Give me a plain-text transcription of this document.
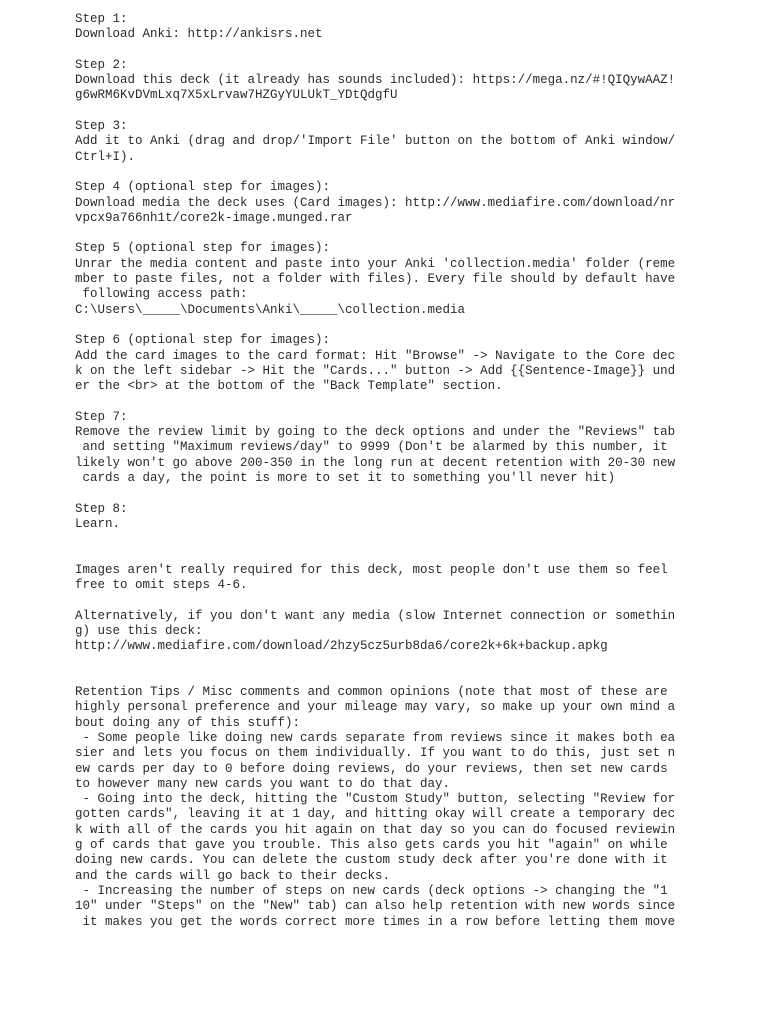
Step 1:
Download Anki: http://ankisrs.net
Step 2:
Download this deck (it already has sounds included): https://mega.nz/#!QIQywAAZ!
g6wRM6KvDVmLxq7X5xLrvaw7HZGyYULUkT_YDtQdgfU
Step 3:
Add it to Anki (drag and drop/'Import File' button on the bottom of Anki window/
Ctrl+I).
Step 4 (optional step for images):
Download media the deck uses (Card images): http://www.mediafire.com/download/nr
vpcx9a766nh1t/core2k-image.munged.rar
Step 5 (optional step for images):
Unrar the media content and paste into your Anki 'collection.media' folder (reme
mber to paste files, not a folder with files). Every file should by default have
following access path:
C:\Users\_____\Documents\Anki\_____\collection.media
Step 6 (optional step for images):
Add the card images to the card format: Hit "Browse" -> Navigate to the Core dec
k on the left sidebar -> Hit the "Cards..." button -> Add {{Sentence-Image}} und
er the <br> at the bottom of the "Back Template" section.
Step 7:
Remove the review limit by going to the deck options and under the "Reviews" tab
and setting "Maximum reviews/day" to 9999 (Don't be alarmed by this number, it
likely won't go above 200-350 in the long run at decent retention with 20-30 new
cards a day, the point is more to set it to something you'll never hit)
Step 8:
Learn.
Images aren't really required for this deck, most people don't use them so feel
free to omit steps 4-6.
Alternatively, if you don't want any media (slow Internet connection or somethin
g) use this deck:
http://www.mediafire.com/download/2hzy5cz5urb8da6/core2k+6k+backup.apkg
Retention Tips / Misc comments and common opinions (note that most of these are
highly personal preference and your mileage may vary, so make up your own mind a
bout doing any of this stuff):
- Some people like doing new cards separate from reviews since it makes both ea
sier and lets you focus on them individually. If you want to do this, just set n
ew cards per day to 0 before doing reviews, do your reviews, then set new cards
to however many new cards you want to do that day.
- Going into the deck, hitting the "Custom Study" button, selecting "Review for
gotten cards", leaving it at 1 day, and hitting okay will create a temporary dec
k with all of the cards you hit again on that day so you can do focused reviewin
g of cards that gave you trouble. This also gets cards you hit "again" on while
doing new cards. You can delete the custom study deck after you're done with it
and the cards will go back to their decks.
- Increasing the number of steps on new cards (deck options -> changing the "1
10" under "Steps" on the "New" tab) can also help retention with new words since
it makes you get the words correct more times in a row before letting them move
